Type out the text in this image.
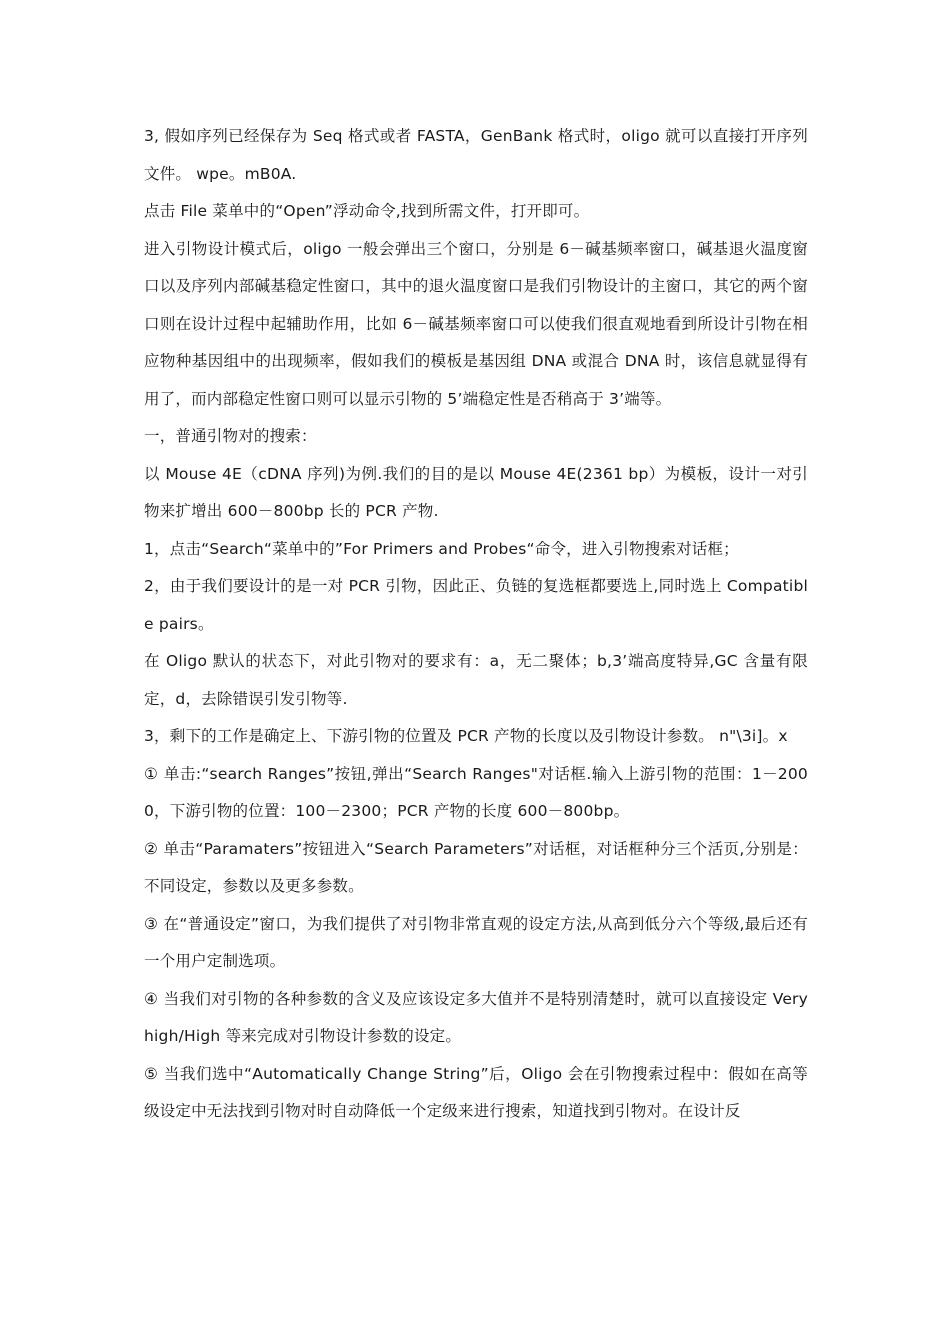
3, 假如序列已经保存为 Seq 格式或者 FASTA，GenBank 格式时，oligo 就可以直接打开序列文件。 wpe。mB0A.

点击 File 菜单中的“Open”浮动命令,找到所需文件，打开即可。

进入引物设计模式后，oligo 一般会弹出三个窗口，分别是 6－碱基频率窗口，碱基退火温度窗口以及序列内部碱基稳定性窗口，其中的退火温度窗口是我们引物设计的主窗口，其它的两个窗口则在设计过程中起辅助作用，比如 6－碱基频率窗口可以使我们很直观地看到所设计引物在相应物种基因组中的出现频率，假如我们的模板是基因组 DNA 或混合 DNA 时，该信息就显得有用了，而内部稳定性窗口则可以显示引物的 5’端稳定性是否稍高于 3’端等。

一，普通引物对的搜索：

以 Mouse 4E（cDNA 序列)为例.我们的目的是以 Mouse 4E(2361 bp）为模板，设计一对引物来扩增出 600－800bp 长的 PCR 产物.

1，点击“Search“菜单中的”For Primers and Probes“命令，进入引物搜索对话框；

2，由于我们要设计的是一对 PCR 引物，因此正、负链的复选框都要选上,同时选上 Compatible pairs。

在 Oligo 默认的状态下，对此引物对的要求有：a，无二聚体；b,3’端高度特异,GC 含量有限定，d，去除错误引发引物等.

3，剩下的工作是确定上、下游引物的位置及 PCR 产物的长度以及引物设计参数。 n"\3i]。x

① 单击:“search Ranges”按钮,弹出“Search Ranges"对话框.输入上游引物的范围：1－2000，下游引物的位置：100－2300；PCR 产物的长度 600－800bp。

② 单击“Paramaters”按钮进入“Search Parameters”对话框，对话框种分三个活页,分别是：不同设定，参数以及更多参数。

③ 在“普通设定”窗口，为我们提供了对引物非常直观的设定方法,从高到低分六个等级,最后还有一个用户定制选项。

④ 当我们对引物的各种参数的含义及应该设定多大值并不是特别清楚时，就可以直接设定 Very high/High 等来完成对引物设计参数的设定。

⑤ 当我们选中“Automatically Change String”后，Oligo 会在引物搜索过程中：假如在高等级设定中无法找到引物对时自动降低一个定级来进行搜索，知道找到引物对。在设计反
